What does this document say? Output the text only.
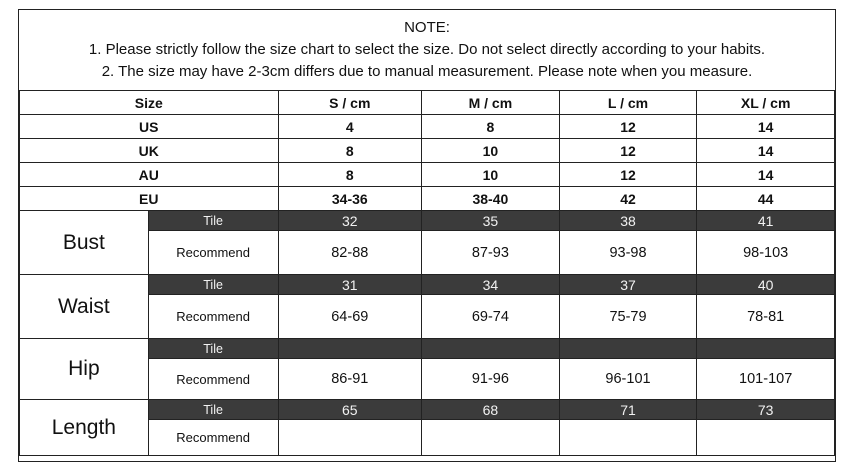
NOTE:
1. Please strictly follow the size chart to select the size. Do not select directly according to your habits.
2. The size may have 2-3cm differs due to manual measurement. Please note when you measure.
Size		S / cm	M / cm	L / cm	XL / cm
US		4	8	12	14
UK		8	10	12	14
AU		8	10	12	14
EU		34-36	38-40	42	44
Bust	Tile	32	35	38	41
	Recommend	82-88	87-93	93-98	98-103
Waist	Tile	31	34	37	40
	Recommend	64-69	69-74	75-79	78-81
Hip	Tile				
	Recommend	86-91	91-96	96-101	101-107
Length	Tile	65	68	71	73
	Recommend				
